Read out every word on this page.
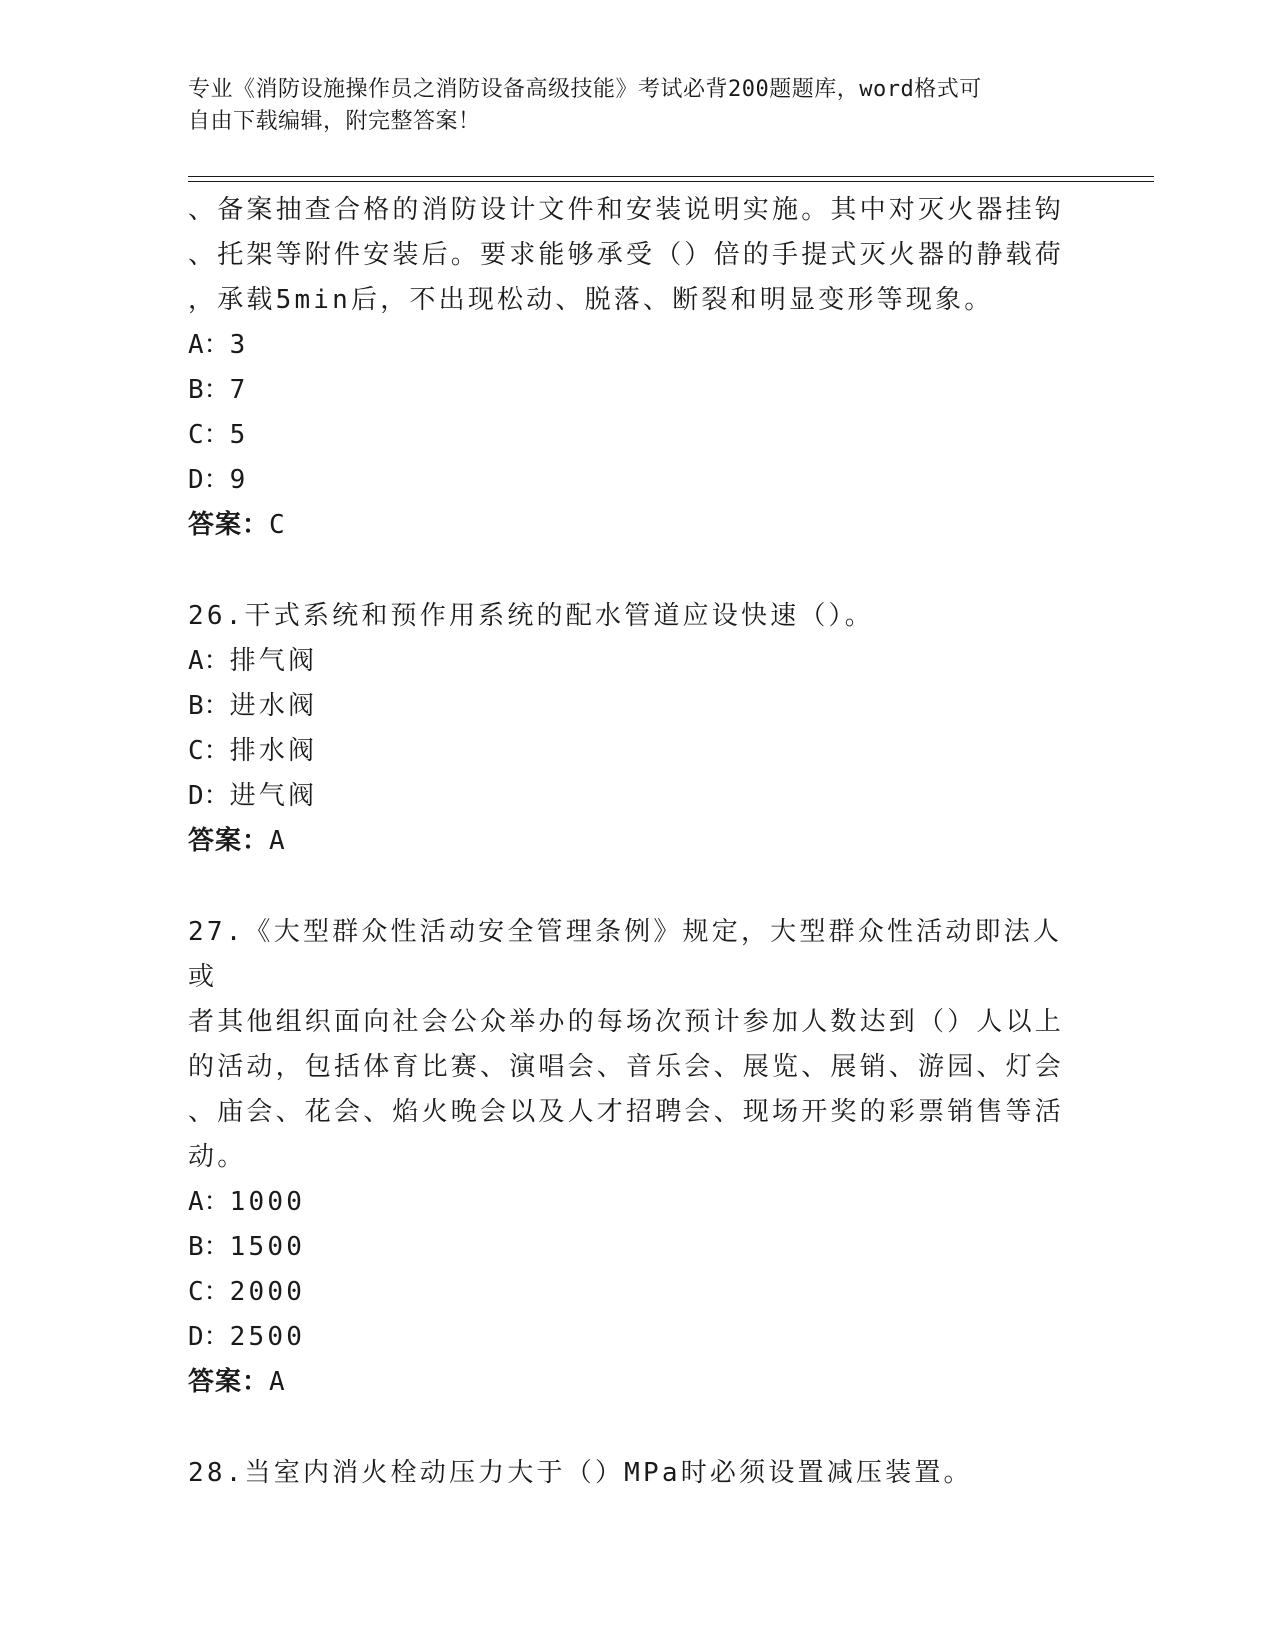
专业《消防设施操作员之消防设备高级技能》考试必背200题题库，word格式可
自由下载编辑，附完整答案！

、备案抽查合格的消防设计文件和安装说明实施。其中对灭火器挂钩

、托架等附件安装后。要求能够承受（）倍的手提式灭火器的静载荷

，承载5min后，不出现松动、脱落、断裂和明显变形等现象。

A：3

B：7

C：5

D：9

答案：C

26.干式系统和预作用系统的配水管道应设快速（）。

A：排气阀

B：进水阀

C：排水阀

D：进气阀

答案：A

27.《大型群众性活动安全管理条例》规定，大型群众性活动即法人或

者其他组织面向社会公众举办的每场次预计参加人数达到（）人以上

的活动，包括体育比赛、演唱会、音乐会、展览、展销、游园、灯会

、庙会、花会、焰火晚会以及人才招聘会、现场开奖的彩票销售等活

动。

A：1000

B：1500

C：2000

D：2500

答案：A

28.当室内消火栓动压力大于（）MPa时必须设置减压装置。
